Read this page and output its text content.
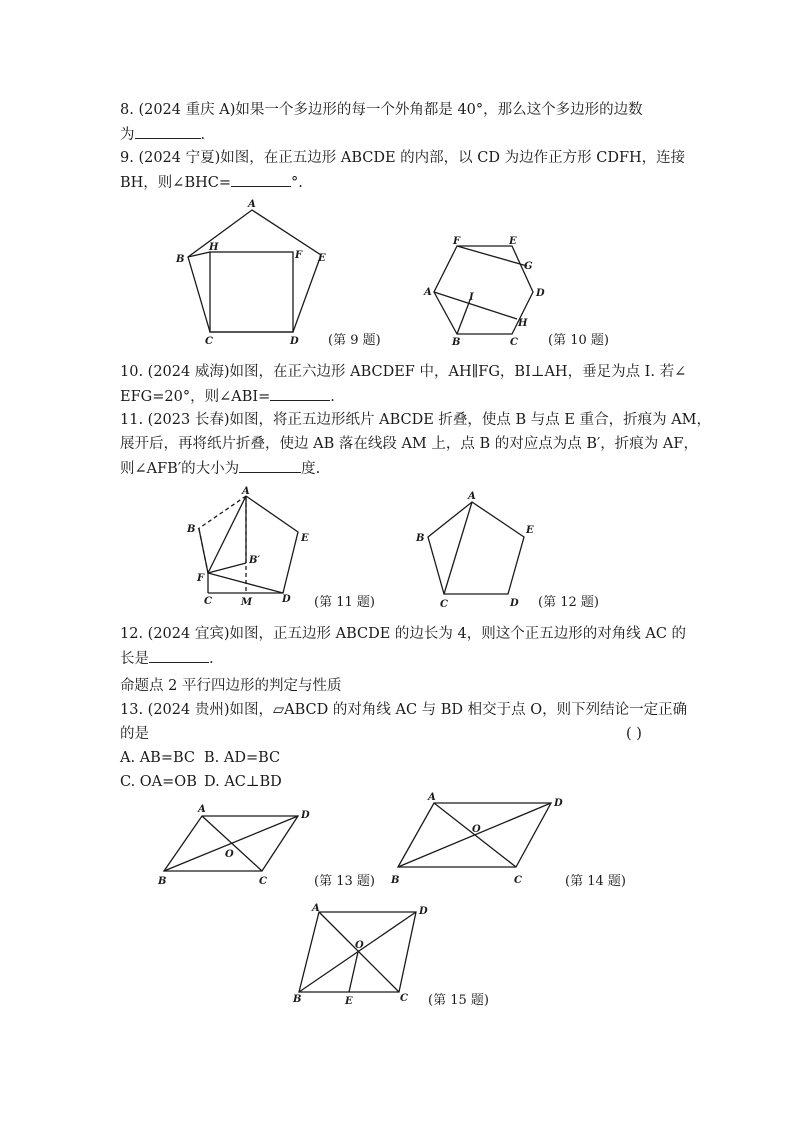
8. (2024 重庆 A)如果一个多边形的每一个外角都是 40°，那么这个多边形的边数
为	.
9. (2024 宁夏)如图，在正五边形 ABCDE 的内部，以 CD 为边作正方形 CDFH，连接
BH，则∠BHC=	°.
10. (2024 威海)如图，在正六边形 ABCDEF 中，AH∥FG，BI⊥AH，垂足为点 I. 若∠
EFG=20°，则∠ABI=	.
11. (2023 长春)如图，将正五边形纸片 ABCDE 折叠，使点 B 与点 E 重合，折痕为 AM，
展开后，再将纸片折叠，使边 AB 落在线段 AM 上，点 B 的对应点为点 B′，折痕为 AF，
则∠AFB′的大小为	度.
12. (2024 宜宾)如图，正五边形 ABCDE 的边长为 4，则这个正五边形的对角线 AC 的
长是	.
命题点 2 平行四边形的判定与性质
13. (2024 贵州)如图，▱ABCD 的对角线 AC 与 BD 相交于点 O，则下列结论一定正确
的是	( )
A. AB=BC B. AD=BC
C. OA=OB D. AC⊥BD
A
B
H
F E
C	D (第 9 题)
F	E
G
D
A	I
H
B	C (第 10 题)
A
B
E
B′
F
C	M	D (第 11 题)
A
B
E
C	D (第 12 题)
A
D
O
B	C	(第 13 题)
A
D
O
B	C	(第 14 题)
A	D
O
B	E	C (第 15 题)
